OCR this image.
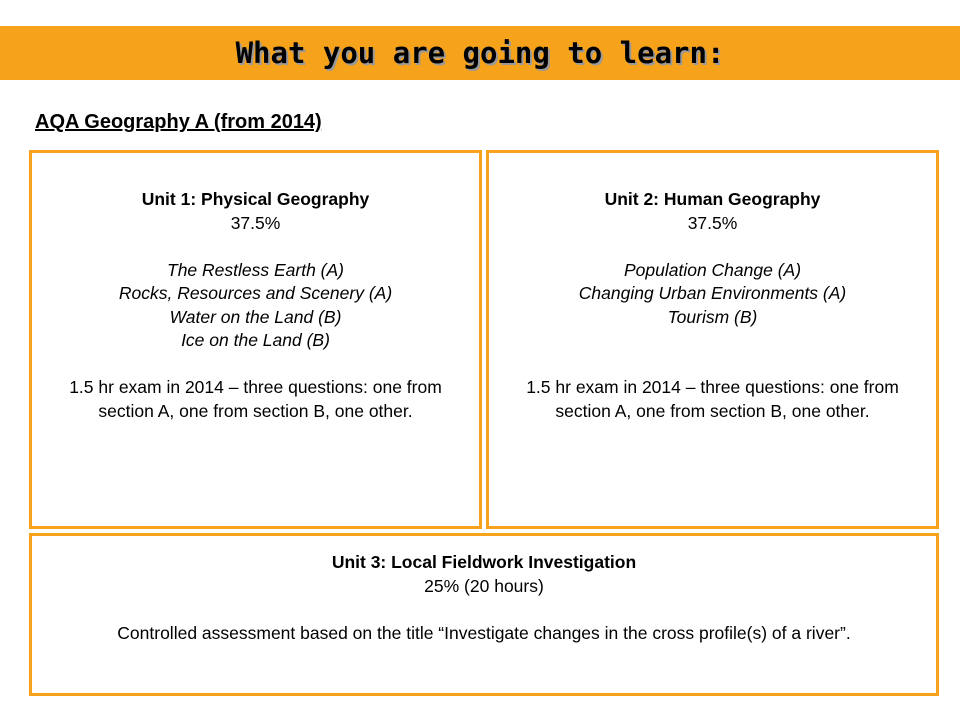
What you are going to learn:
AQA Geography A (from 2014)
Unit 1: Physical Geography
37.5%
The Restless Earth (A)
Rocks, Resources and Scenery (A)
Water on the Land (B)
Ice on the Land (B)
1.5 hr exam in 2014 – three questions: one from section A, one from section B, one other.
Unit 2: Human Geography
37.5%
Population Change (A)
Changing Urban Environments (A)
Tourism (B)
1.5 hr exam in 2014 – three questions: one from section A, one from section B, one other.
Unit 3: Local Fieldwork Investigation
25% (20 hours)
Controlled assessment based on the title “Investigate changes in the cross profile(s) of a river”.
